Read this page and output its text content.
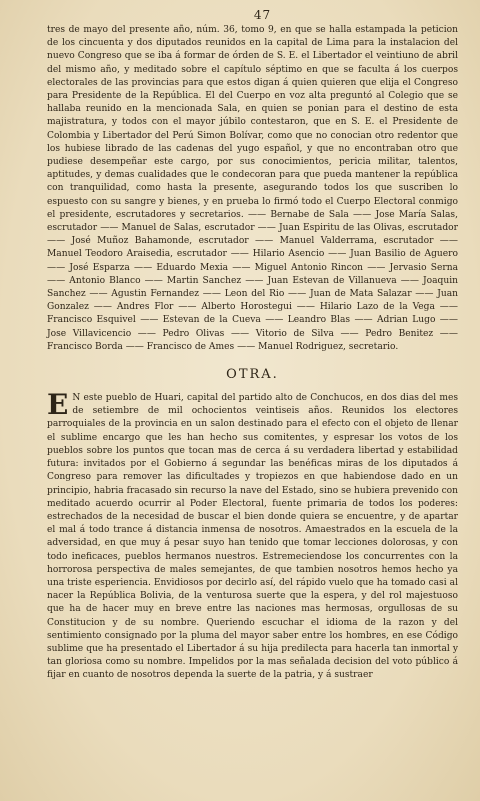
47

tres de mayo del presente año, núm. 36, tomo 9, en que se halla estampada la peticion de los cincuenta y dos diputados reunidos en la capital de Lima para la instalacion del nuevo Congreso que se iba á formar de órden de S. E. el Libertador el veintiuno de abril del mismo año, y meditado sobre el capítulo séptimo en que se faculta á los cuerpos electorales de las provincias para que estos digan á quien quieren que elija el Congreso para Presidente de la República. El del Cuerpo en voz alta preguntó al Colegio que se hallaba reunido en la mencionada Sala, en quien se ponian para el destino de esta majistratura, y todos con el mayor júbilo contestaron, que en S. E. el Presidente de Colombia y Libertador del Perú Simon Bolívar, como que no conocian otro redentor que los hubiese librado de las cadenas del yugo español, y que no encontraban otro que pudiese desempeñar este cargo, por sus conocimientos, pericia militar, talentos, aptitudes, y demas cualidades que le condecoran para que pueda mantener la república con tranquilidad, como hasta la presente, asegurando todos los que suscriben lo espuesto con su sangre y bienes, y en prueba lo firmó todo el Cuerpo Electoral conmigo el presidente, escrutadores y secretarios. —— Bernabe de Sala —— Jose María Salas, escrutador —— Manuel de Salas, escrutador —— Juan Espiritu de las Olivas, escrutador —— José Muñoz Bahamonde, escrutador —— Manuel Valderrama, escrutador —— Manuel Teodoro Araisedia, escrutador —— Hilario Asencio —— Juan Basilio de Aguero —— José Esparza —— Eduardo Mexia —— Miguel Antonio Rincon —— Jervasio Serna —— Antonio Blanco —— Martin Sanchez —— Juan Estevan de Villanueva —— Joaquin Sanchez —— Agustin Fernandez —— Leon del Rio —— Juan de Mata Salazar —— Juan Gonzalez —— Andres Flor —— Alberto Horostegui —— Hilario Lazo de la Vega —— Francisco Esquivel —— Estevan de la Cueva —— Leandro Blas —— Adrian Lugo —— Jose Villavicencio —— Pedro Olivas —— Vitorio de Silva —— Pedro Benitez —— Francisco Borda —— Francisco de Ames —— Manuel Rodriguez, secretario.

OTRA.
E N este pueblo de Huari, capital del partido alto de Conchucos, en dos dias del mes de setiembre de mil ochocientos veintiseis años. Reunidos los electores parroquiales de la provincia en un salon destinado para el efecto con el objeto de llenar el sublime encargo que les han hecho sus comitentes, y espresar los votos de los pueblos sobre los puntos que tocan mas de cerca á su verdadera libertad y estabilidad futura: invitados por el Gobierno á segundar las benéficas miras de los diputados á Congreso para remover las dificultades y tropiezos en que habiendose dado en un principio, habria fracasado sin recurso la nave del Estado, sino se hubiera prevenido con meditado acuerdo ocurrir al Poder Electoral, fuente primaria de todos los poderes: estrechados de la necesidad de buscar el bien donde quiera se encuentre, y de apartar el mal á todo trance á distancia inmensa de nosotros. Amaestrados en la escuela de la adversidad, en que muy á pesar suyo han tenido que tomar lecciones dolorosas, y con todo ineficaces, pueblos hermanos nuestros. Estremeciendose los concurrentes con la horrorosa perspectiva de males semejantes, de que tambien nosotros hemos hecho ya una triste esperiencia. Envidiosos por decirlo así, del rápido vuelo que ha tomado casi al nacer la República Bolivia, de la venturosa suerte que la espera, y del rol majestuoso que ha de hacer muy en breve entre las naciones mas hermosas, orgullosas de su Constitucion y de su nombre. Queriendo escuchar el idioma de la razon y del sentimiento consignado por la pluma del mayor saber entre los hombres, en ese Código sublime que ha presentado el Libertador á su hija predilecta para hacerla tan inmortal y tan gloriosa como su nombre. Impelidos por la mas señalada decision del voto público á fijar en cuanto de nosotros dependa la suerte de la patria, y á sustraer
